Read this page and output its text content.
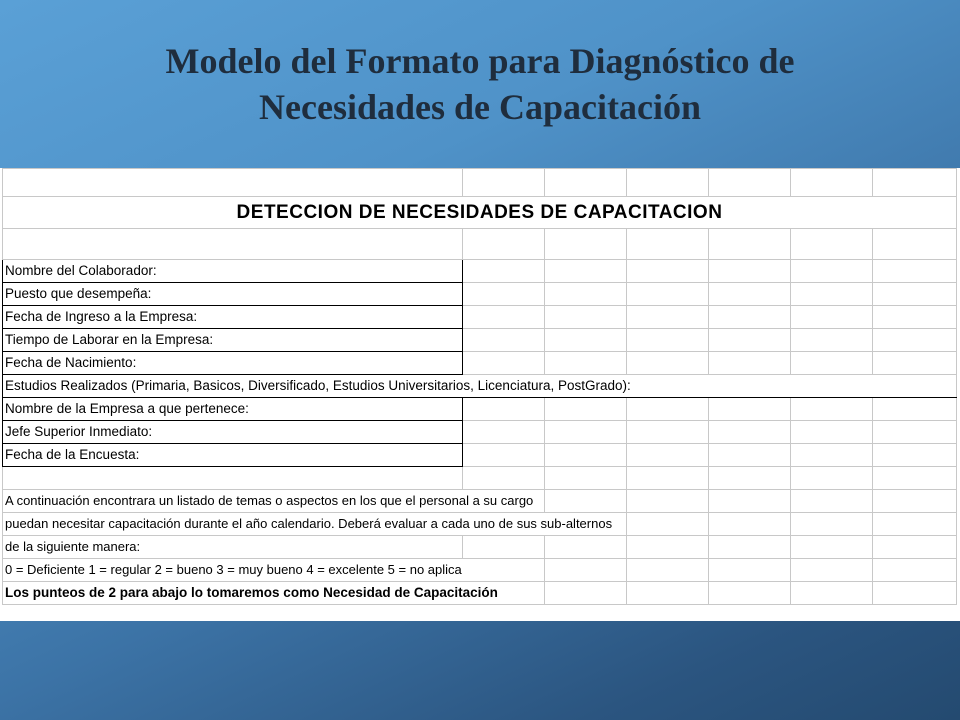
Modelo del Formato para Diagnóstico de
Necesidades de Capacitación

DETECCION DE NECESIDADES DE CAPACITACION						

Nombre del Colaborador:						
Puesto que desempeña:						
Fecha de Ingreso a la Empresa:						
Tiempo de Laborar en la Empresa:						
Fecha de Nacimiento:						
Estudios Realizados (Primaria, Basicos, Diversificado, Estudios Universitarios, Licenciatura, PostGrado):						
Nombre de la Empresa a que pertenece:						
Jefe Superior Inmediato:						
Fecha de la Encuesta:						

A continuación encontrara un listado de temas o aspectos en los que el personal a su cargo						
puedan necesitar capacitación durante el año calendario. Deberá evaluar a cada uno de sus sub-alternos						
de la siguiente manera:						
0 = Deficiente 1 = regular 2 = bueno 3 = muy bueno 4 = excelente 5 = no aplica						
Los punteos de 2 para abajo lo tomaremos como Necesidad de Capacitación						
